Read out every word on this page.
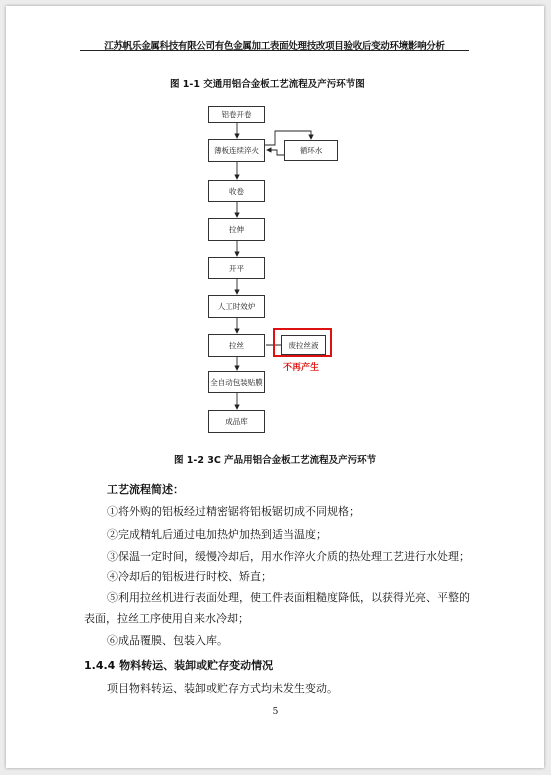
江苏帆乐金属科技有限公司有色金属加工表面处理技改项目验收后变动环境影响分析
图 1-1 交通用铝合金板工艺流程及产污环节图
铝卷开卷
薄板连续淬火	循环水
收卷
拉伸
开平
人工时效炉
拉丝	废拉丝液
不再产生
全自动包装贴膜
成品库
图 1-2 3C 产品用铝合金板工艺流程及产污环节
工艺流程简述：
①将外购的铝板经过精密锯将铝板锯切成不同规格；
②完成精轧后通过电加热炉加热到适当温度；
③保温一定时间，缓慢冷却后，用水作淬火介质的热处理工艺进行水处理；
④冷却后的铝板进行时校、矫直；
⑤利用拉丝机进行表面处理，使工件表面粗糙度降低，以获得光亮、平整的
表面，拉丝工序使用自来水冷却；
⑥成品覆膜、包装入库。
1.4.4 物料转运、装卸或贮存变动情况
项目物料转运、装卸或贮存方式均未发生变动。
5
